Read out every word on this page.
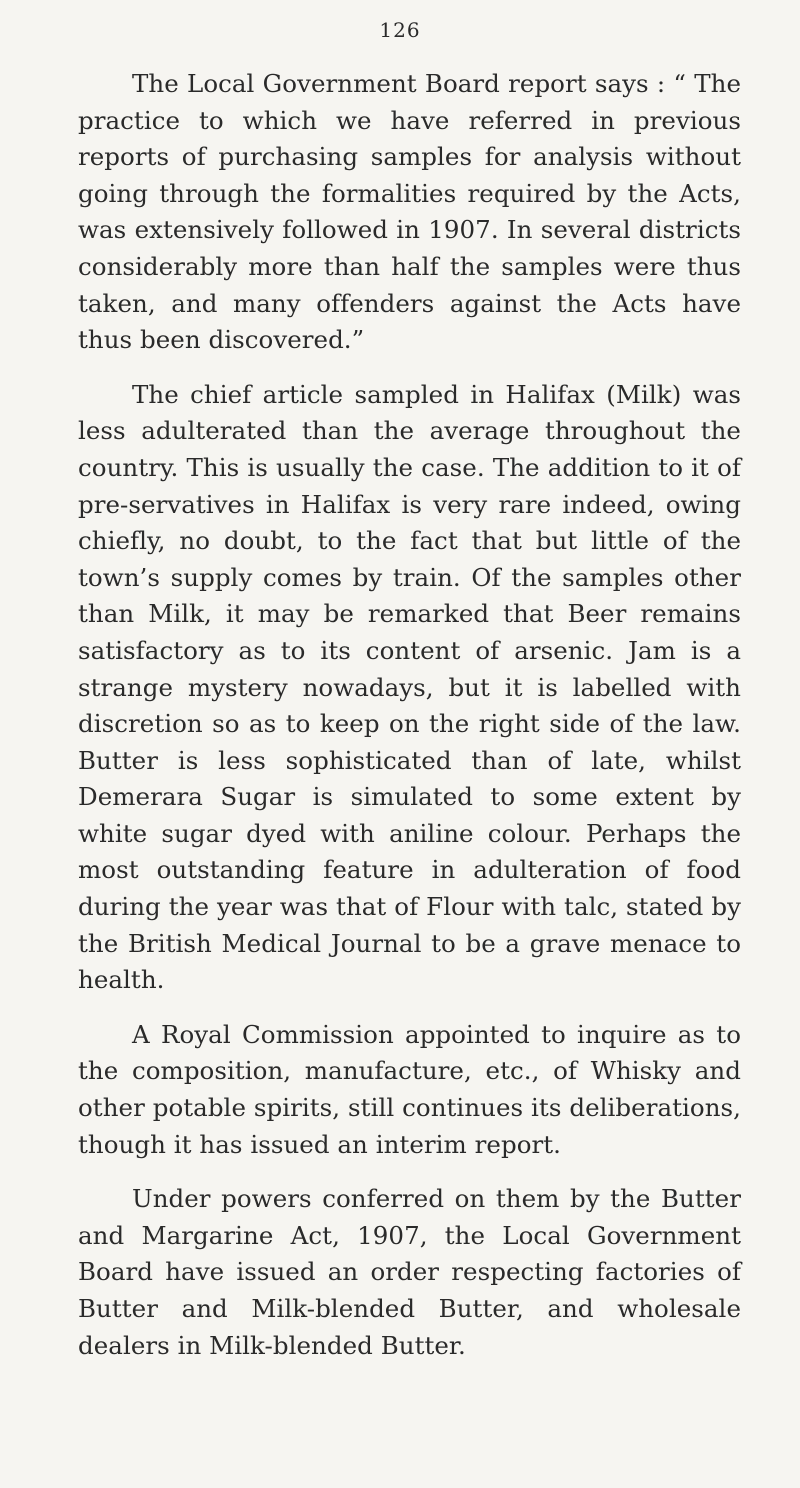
126

The Local Government Board report says : “ The practice to which we have referred in previous reports of purchasing samples for analysis without going through the formalities required by the Acts, was extensively followed in 1907. In several districts considerably more than half the samples were thus taken, and many offenders against the Acts have thus been discovered.”

The chief article sampled in Halifax (Milk) was less adulterated than the average throughout the country. This is usually the case. The addition to it of pre-servatives in Halifax is very rare indeed, owing chiefly, no doubt, to the fact that but little of the town’s supply comes by train. Of the samples other than Milk, it may be remarked that Beer remains satisfactory as to its content of arsenic. Jam is a strange mystery nowadays, but it is labelled with discretion so as to keep on the right side of the law. Butter is less sophisticated than of late, whilst Demerara Sugar is simulated to some extent by white sugar dyed with aniline colour. Perhaps the most outstanding feature in adulteration of food during the year was that of Flour with talc, stated by the British Medical Journal to be a grave menace to health.

A Royal Commission appointed to inquire as to the composition, manufacture, etc., of Whisky and other potable spirits, still continues its deliberations, though it has issued an interim report.

Under powers conferred on them by the Butter and Margarine Act, 1907, the Local Government Board have issued an order respecting factories of Butter and Milk-blended Butter, and wholesale dealers in Milk-blended Butter.
